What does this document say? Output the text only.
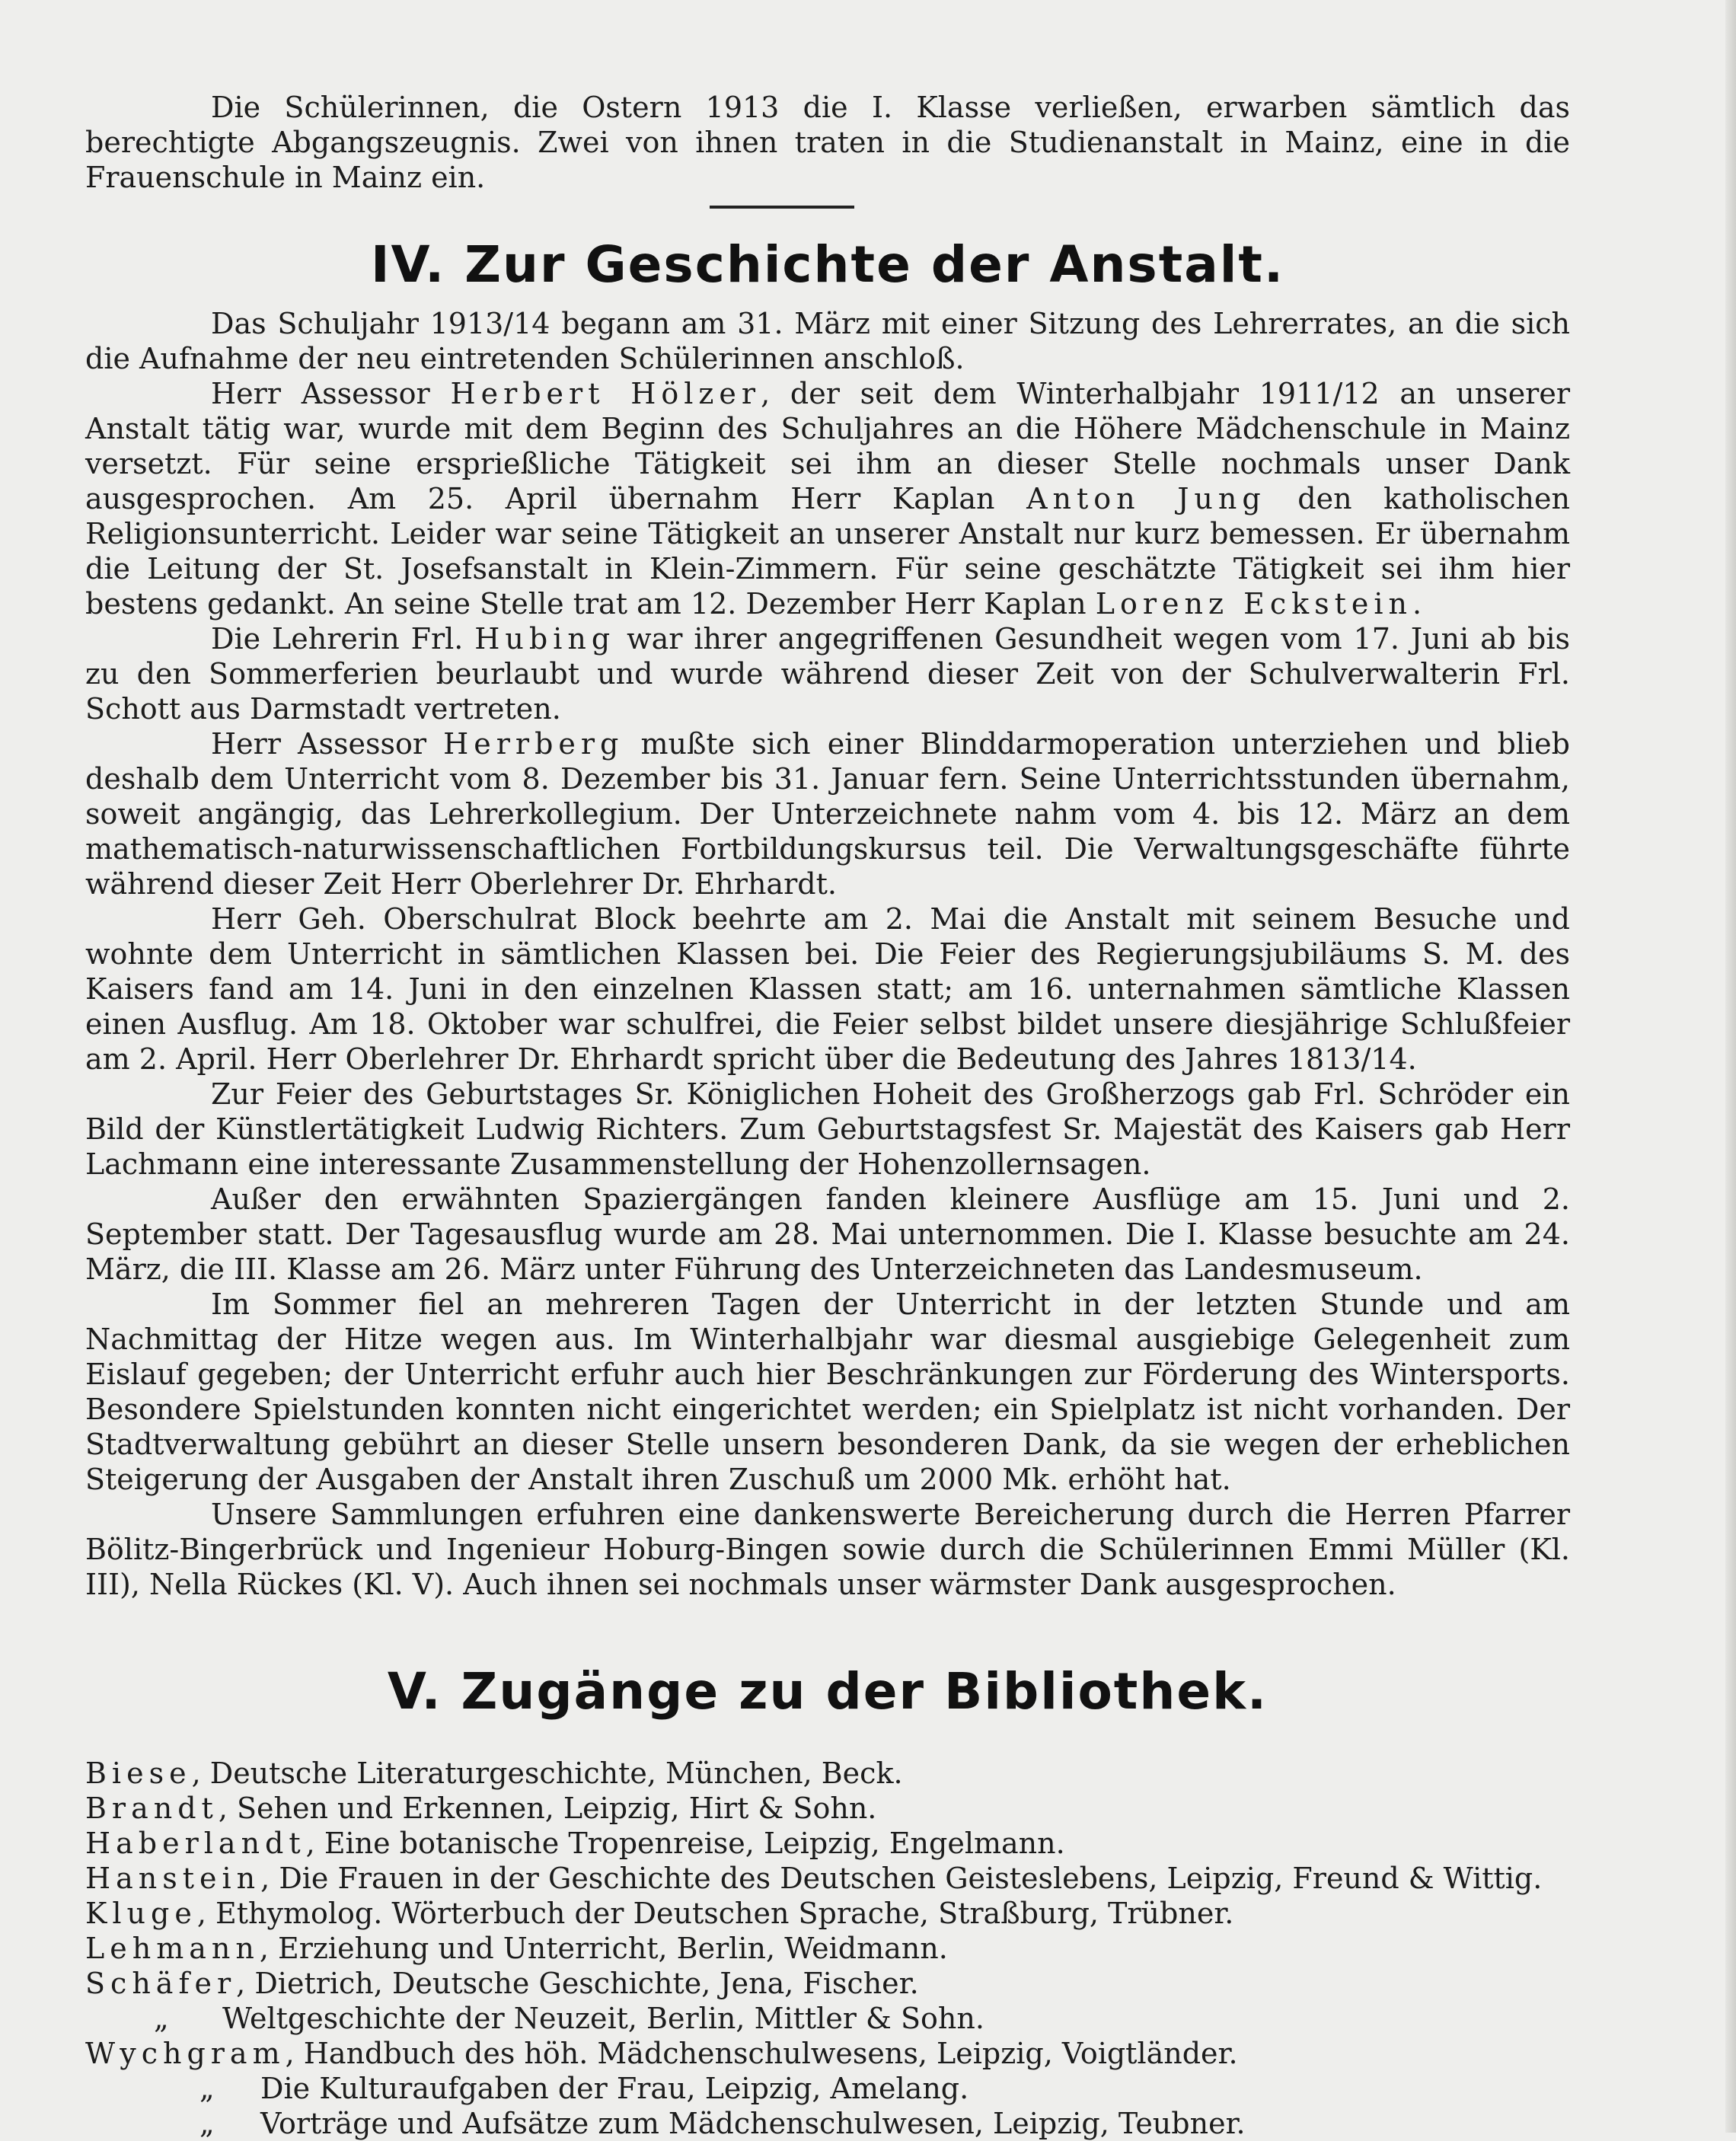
Die Schülerinnen, die Ostern 1913 die I. Klasse verließen, erwarben sämtlich das berechtigte Abgangszeugnis. Zwei von ihnen traten in die Studienanstalt in Mainz, eine in die Frauenschule in Mainz ein.

IV. Zur Geschichte der Anstalt.

Das Schuljahr 1913/14 begann am 31. März mit einer Sitzung des Lehrerrates, an die sich die Aufnahme der neu eintretenden Schülerinnen anschloß.

Herr Assessor Herbert Hölzer, der seit dem Winterhalbjahr 1911/12 an unserer Anstalt tätig war, wurde mit dem Beginn des Schuljahres an die Höhere Mädchenschule in Mainz versetzt. Für seine ersprießliche Tätigkeit sei ihm an dieser Stelle nochmals unser Dank ausgesprochen. Am 25. April übernahm Herr Kaplan Anton Jung den katholischen Religionsunterricht. Leider war seine Tätigkeit an unserer Anstalt nur kurz bemessen. Er übernahm die Leitung der St. Josefsanstalt in Klein-Zimmern. Für seine geschätzte Tätigkeit sei ihm hier bestens gedankt. An seine Stelle trat am 12. Dezember Herr Kaplan Lorenz Eckstein.

Die Lehrerin Frl. Hubing war ihrer angegriffenen Gesundheit wegen vom 17. Juni ab bis zu den Sommerferien beurlaubt und wurde während dieser Zeit von der Schulverwalterin Frl. Schott aus Darmstadt vertreten.

Herr Assessor Herrberg mußte sich einer Blinddarmoperation unterziehen und blieb deshalb dem Unterricht vom 8. Dezember bis 31. Januar fern. Seine Unterrichtsstunden übernahm, soweit angängig, das Lehrerkollegium. Der Unterzeichnete nahm vom 4. bis 12. März an dem mathematisch-naturwissenschaftlichen Fortbildungskursus teil. Die Verwaltungsgeschäfte führte während dieser Zeit Herr Oberlehrer Dr. Ehrhardt.

Herr Geh. Oberschulrat Block beehrte am 2. Mai die Anstalt mit seinem Besuche und wohnte dem Unterricht in sämtlichen Klassen bei. Die Feier des Regierungsjubiläums S. M. des Kaisers fand am 14. Juni in den einzelnen Klassen statt; am 16. unternahmen sämtliche Klassen einen Ausflug. Am 18. Oktober war schulfrei, die Feier selbst bildet unsere diesjährige Schlußfeier am 2. April. Herr Oberlehrer Dr. Ehrhardt spricht über die Bedeutung des Jahres 1813/14.

Zur Feier des Geburtstages Sr. Königlichen Hoheit des Großherzogs gab Frl. Schröder ein Bild der Künstlertätigkeit Ludwig Richters. Zum Geburtstagsfest Sr. Majestät des Kaisers gab Herr Lachmann eine interessante Zusammenstellung der Hohenzollernsagen.

Außer den erwähnten Spaziergängen fanden kleinere Ausflüge am 15. Juni und 2. September statt. Der Tagesausflug wurde am 28. Mai unternommen. Die I. Klasse besuchte am 24. März, die III. Klasse am 26. März unter Führung des Unterzeichneten das Landesmuseum.

Im Sommer fiel an mehreren Tagen der Unterricht in der letzten Stunde und am Nachmittag der Hitze wegen aus. Im Winterhalbjahr war diesmal ausgiebige Gelegenheit zum Eislauf gegeben; der Unterricht erfuhr auch hier Beschränkungen zur Förderung des Wintersports. Besondere Spielstunden konnten nicht eingerichtet werden; ein Spielplatz ist nicht vorhanden. Der Stadtverwaltung gebührt an dieser Stelle unsern besonderen Dank, da sie wegen der erheblichen Steigerung der Ausgaben der Anstalt ihren Zuschuß um 2000 Mk. erhöht hat.

Unsere Sammlungen erfuhren eine dankenswerte Bereicherung durch die Herren Pfarrer Bölitz-Bingerbrück und Ingenieur Hoburg-Bingen sowie durch die Schülerinnen Emmi Müller (Kl. III), Nella Rückes (Kl. V). Auch ihnen sei nochmals unser wärmster Dank ausgesprochen.

V. Zugänge zu der Bibliothek.
Biese, Deutsche Literaturgeschichte, München, Beck.
Brandt, Sehen und Erkennen, Leipzig, Hirt & Sohn.
Haberlandt, Eine botanische Tropenreise, Leipzig, Engelmann.
Hanstein, Die Frauen in der Geschichte des Deutschen Geisteslebens, Leipzig, Freund & Wittig.
Kluge, Ethymolog. Wörterbuch der Deutschen Sprache, Straßburg, Trübner.
Lehmann, Erziehung und Unterricht, Berlin, Weidmann.
Schäfer, Dietrich, Deutsche Geschichte, Jena, Fischer.
„ Weltgeschichte der Neuzeit, Berlin, Mittler & Sohn.
Wychgram, Handbuch des höh. Mädchenschulwesens, Leipzig, Voigtländer.
„ Die Kulturaufgaben der Frau, Leipzig, Amelang.
„ Vorträge und Aufsätze zum Mädchenschulwesen, Leipzig, Teubner.
